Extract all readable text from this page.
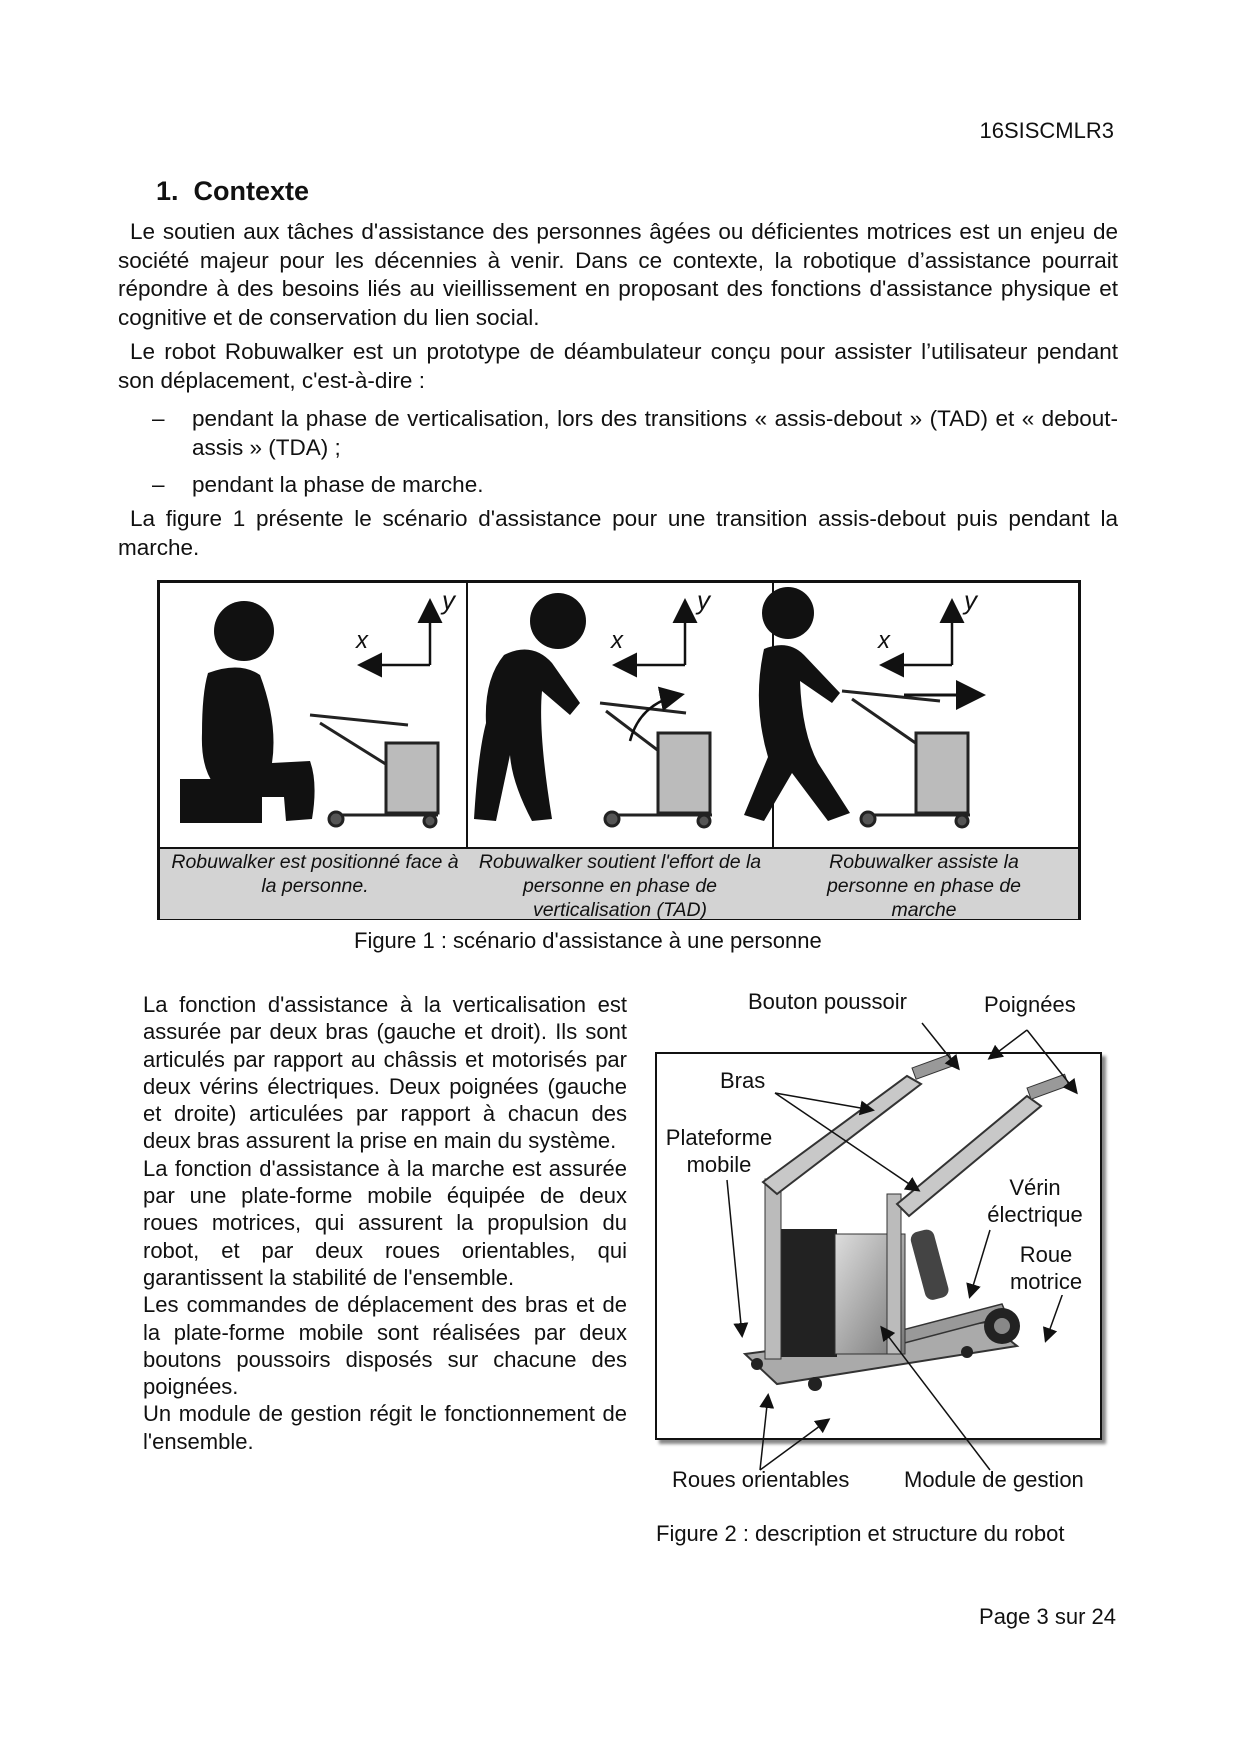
16SISCMLR3
1. Contexte
Le soutien aux tâches d'assistance des personnes âgées ou déficientes motrices est un enjeu de société majeur pour les décennies à venir. Dans ce contexte, la robotique d’assistance pourrait répondre à des besoins liés au vieillissement en proposant des fonctions d'assistance physique et cognitive et de conservation du lien social.
Le robot Robuwalker est un prototype de déambulateur conçu pour assister l’utilisateur pendant son déplacement, c'est-à-dire :
– pendant la phase de verticalisation, lors des transitions « assis-debout » (TAD) et « debout-assis » (TDA) ;
– pendant la phase de marche.
La figure 1 présente le scénario d'assistance pour une transition assis-debout puis pendant la marche.
y
x
y
x
y
x
Robuwalker est positionné face à la personne.
Robuwalker soutient l'effort de la personne en phase de verticalisation (TAD)
Robuwalker assiste la personne en phase de marche
Figure 1 : scénario d'assistance à une personne

La fonction d'assistance à la verticalisation est assurée par deux bras (gauche et droit). Ils sont articulés par rapport au châssis et motorisés par deux vérins électriques. Deux poignées (gauche et droite) articulées par rapport à chacun des deux bras assurent la prise en main du système.

La fonction d'assistance à la marche est assurée par une plate-forme mobile équipée de deux roues motrices, qui assurent la propulsion du robot, et par deux roues orientables, qui garantissent la stabilité de l'ensemble.

Les commandes de déplacement des bras et de la plate-forme mobile sont réalisées par deux boutons poussoirs disposés sur chacune des poignées.

Un module de gestion régit le fonctionnement de l'ensemble.

Bouton poussoir	Poignées
Bras
Plateforme mobile
Vérin électrique
Roue motrice
Roues orientables Module de gestion
Figure 2 : description et structure du robot
Page 3 sur 24
